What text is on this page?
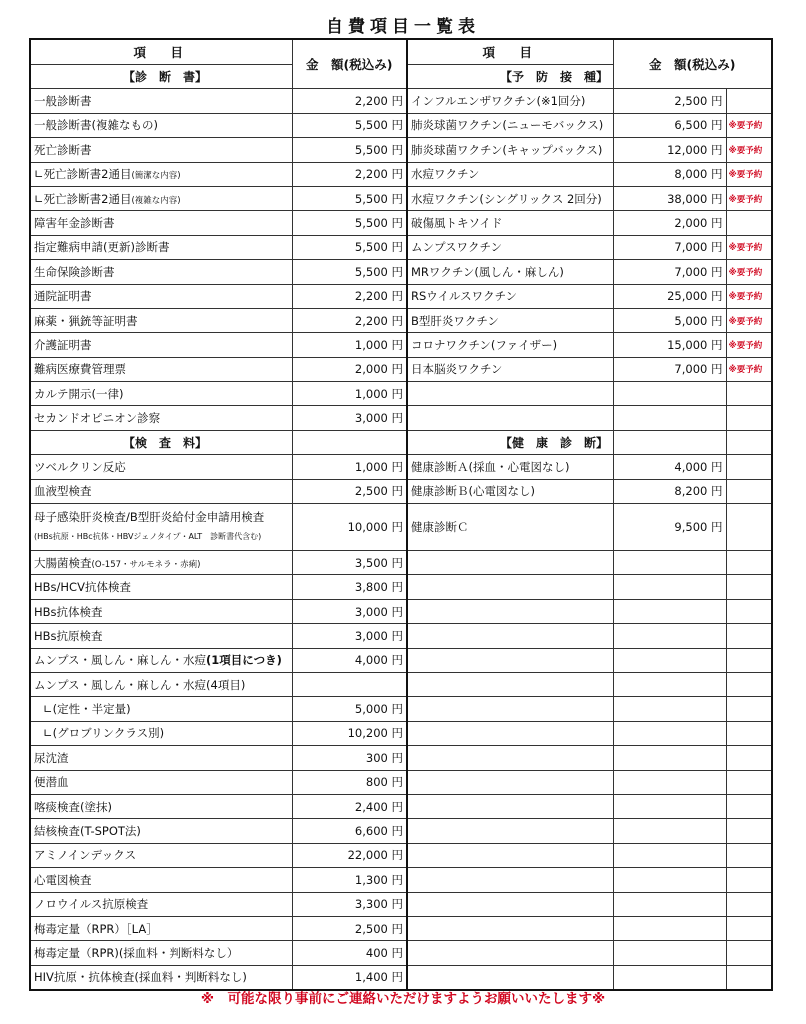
自費項目一覧表
項　目	金　額(税込み)	項　目	金　額(税込み)	
【診　断　書】		【予　防　接　種】		
一般診断書	2,200 円	インフルエンザワクチン(※1回分)	2,500 円	
一般診断書(複雑なもの)	5,500 円	肺炎球菌ワクチン(ニューモバックス)	6,500 円	※要予約
死亡診断書	5,500 円	肺炎球菌ワクチン(キャップバックス)	12,000 円	※要予約
∟死亡診断書2通目(簡潔な内容)	2,200 円	水痘ワクチン	8,000 円	※要予約
∟死亡診断書2通目(複雑な内容)	5,500 円	水痘ワクチン(シングリックス 2回分)	38,000 円	※要予約
障害年金診断書	5,500 円	破傷風トキソイド	2,000 円	
指定難病申請(更新)診断書	5,500 円	ムンプスワクチン	7,000 円	※要予約
生命保険診断書	5,500 円	MRワクチン(風しん・麻しん)	7,000 円	※要予約
通院証明書	2,200 円	RSウイルスワクチン	25,000 円	※要予約
麻薬・猟銃等証明書	2,200 円	B型肝炎ワクチン	5,000 円	※要予約
介護証明書	1,000 円	コロナワクチン(ファイザー)	15,000 円	※要予約
難病医療費管理票	2,000 円	日本脳炎ワクチン	7,000 円	※要予約
カルテ開示(一律)	1,000 円			
セカンドオピニオン診察	3,000 円			
【検　査　料】		【健　康　診　断】		
ツベルクリン反応	1,000 円	健康診断Ａ(採血・心電図なし)	4,000 円	
血液型検査	2,500 円	健康診断Ｂ(心電図なし)	8,200 円	
母子感染肝炎検査/B型肝炎給付金申請用検査
(HBs抗原・HBc抗体・HBVジェノタイプ・ALT　診断書代含む)	10,000 円	健康診断Ｃ	9,500 円	
大腸菌検査(O-157・サルモネラ・赤痢)	3,500 円			
HBs/HCV抗体検査	3,800 円			
HBs抗体検査	3,000 円			
HBs抗原検査	3,000 円			
ムンプス・風しん・麻しん・水痘(1項目につき)	4,000 円			
ムンプス・風しん・麻しん・水痘(4項目)				
∟(定性・半定量)	5,000 円			
∟(グロブリンクラス別)	10,200 円			
尿沈渣	300 円			
便潜血	800 円			
喀痰検査(塗抹)	2,400 円			
結核検査(T-SPOT法)	6,600 円			
アミノインデックス	22,000 円			
心電図検査	1,300 円			
ノロウイルス抗原検査	3,300 円			
梅毒定量（RPR）［LA］	2,500 円			
梅毒定量（RPR)(採血料・判断料なし）	400 円			
HIV抗原・抗体検査(採血料・判断料なし)	1,400 円			
※　可能な限り事前にご連絡いただけますようお願いいたします※
